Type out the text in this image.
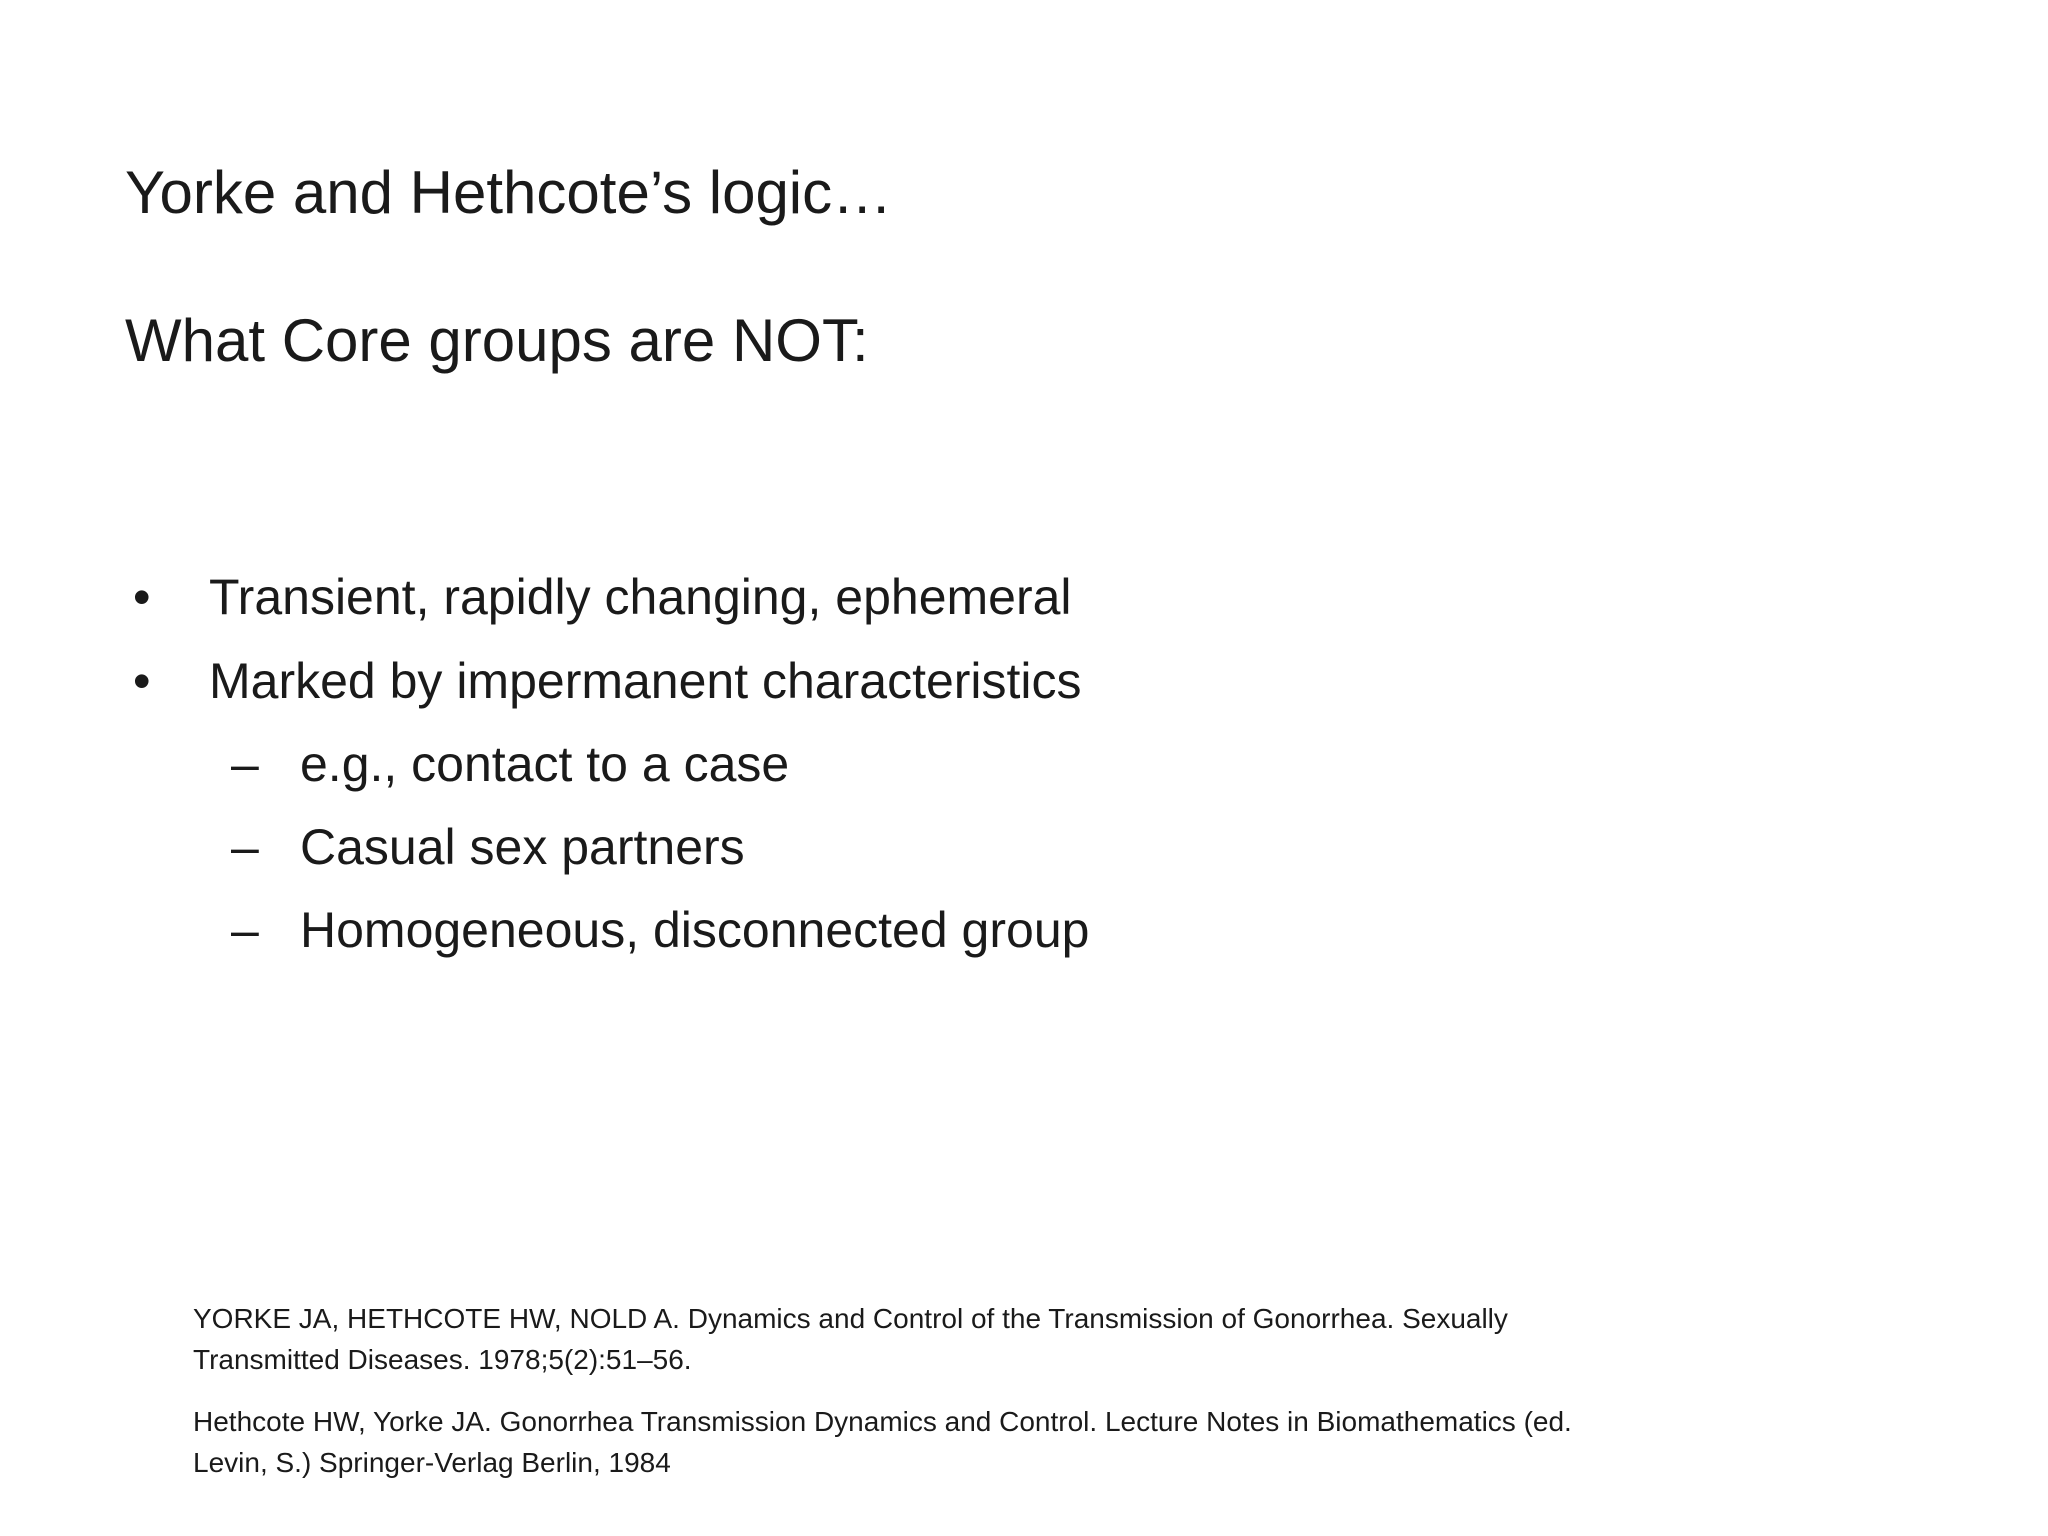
Yorke and Hethcote’s logic…
What Core groups are NOT:
•	Transient, rapidly changing, ephemeral
•	Marked by impermanent characteristics
– e.g., contact to a case
– Casual sex partners
– Homogeneous, disconnected group

YORKE JA, HETHCOTE HW, NOLD A. Dynamics and Control of the Transmission of Gonorrhea. Sexually Transmitted Diseases. 1978;5(2):51–56.

Hethcote HW, Yorke JA. Gonorrhea Transmission Dynamics and Control. Lecture Notes in Biomathematics (ed. Levin, S.) Springer-Verlag Berlin, 1984
